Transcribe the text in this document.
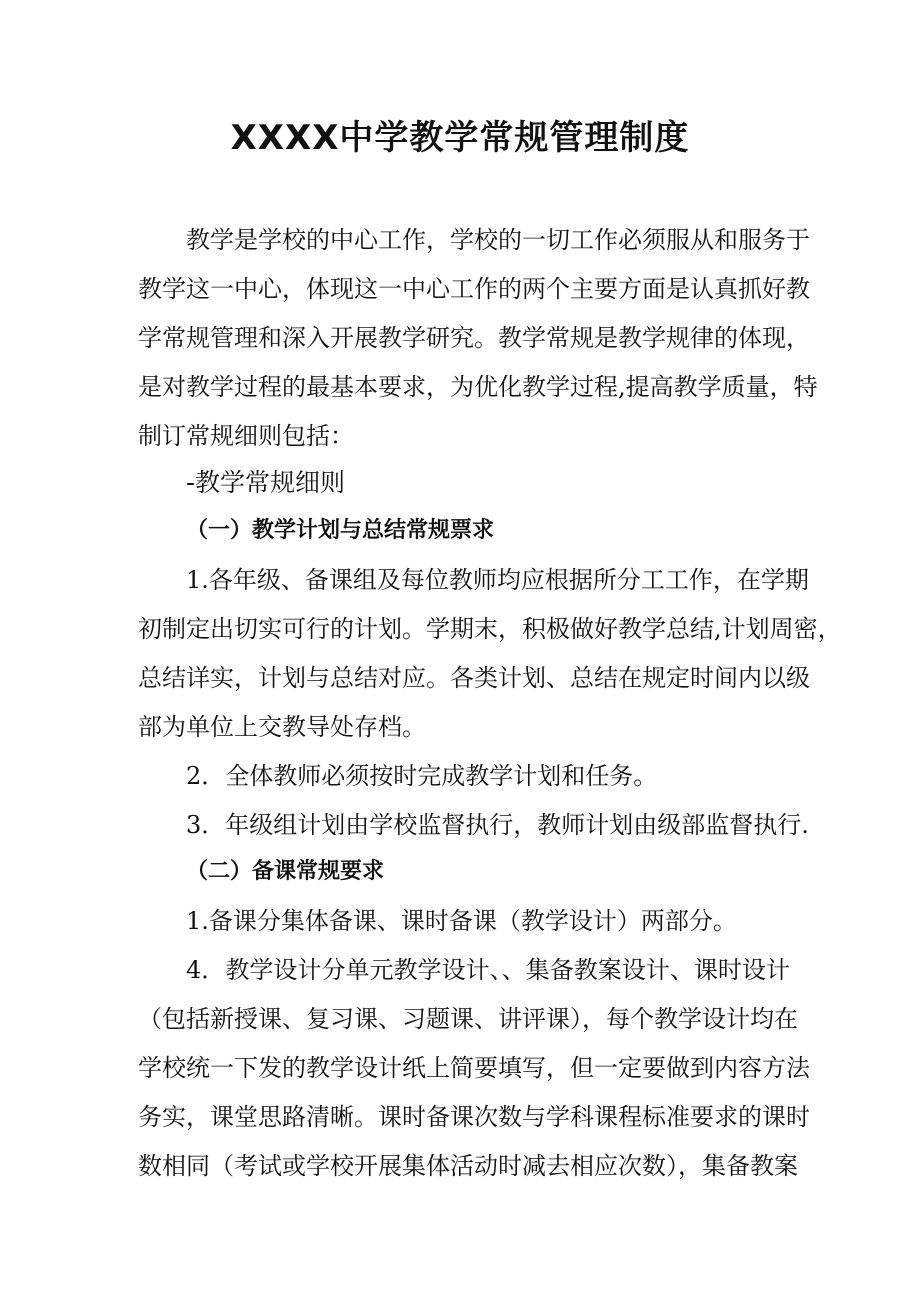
XXXX中学教学常规管理制度
教学是学校的中心工作，学校的一切工作必须服从和服务于
教学这一中心，体现这一中心工作的两个主要方面是认真抓好教
学常规管理和深入开展教学研究。教学常规是教学规律的体现，
是对教学过程的最基本要求，为优化教学过程,提高教学质量，特
制订常规细则包括：
-教学常规细则
（一）教学计划与总结常规票求
1.各年级、备课组及每位教师均应根据所分工工作，在学期
初制定出切实可行的计划。学期末，积极做好教学总结,计划周密，
总结详实，计划与总结对应。各类计划、总结在规定时间内以级
部为单位上交教导处存档。
2．全体教师必须按时完成教学计划和任务。
3．年级组计划由学校监督执行，教师计划由级部监督执行.
（二）备课常规要求
1.备课分集体备课、课时备课（教学设计）两部分。
4．教学设计分单元教学设计、、集备教案设计、课时设计
（包括新授课、复习课、习题课、讲评课），每个教学设计均在
学校统一下发的教学设计纸上简要填写，但一定要做到内容方法
务实，课堂思路清晰。课时备课次数与学科课程标准要求的课时
数相同（考试或学校开展集体活动时减去相应次数），集备教案
